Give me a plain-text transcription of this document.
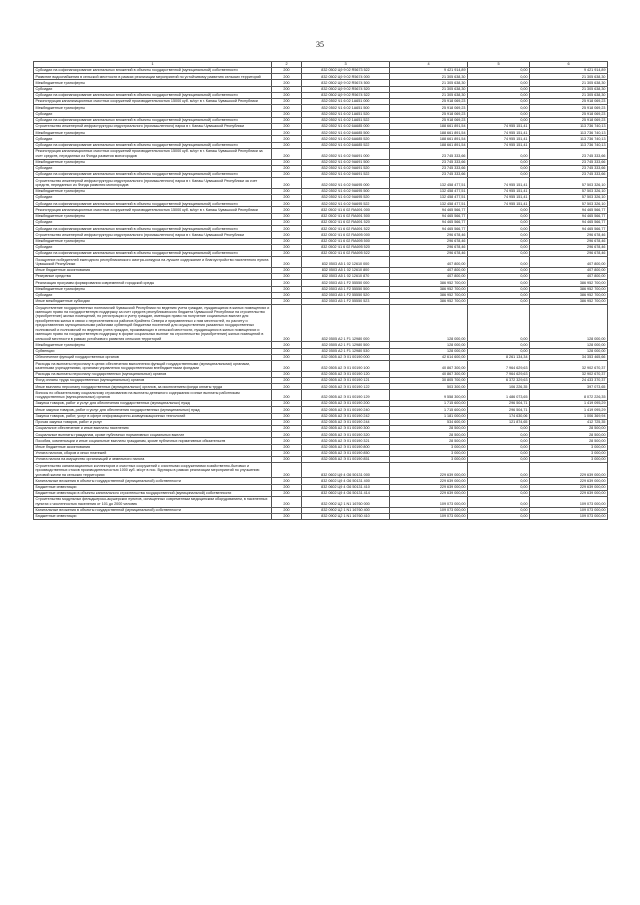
35
1	2	3	4	5	6
Субсидии на софинансирование капитальных вложений в объекты государственной (муниципальной) собственности	200	832 0502 Ц9 9 02 R5673 522	9 421 914,89	0,00	9 421 914,89
Развитие водоснабжения в сельской местности в рамках реализации мероприятий по устойчивому развитию сельских территорий	200	832 0502 Ц9 9 02 R5674 000	21 305 638,30	0,00	21 305 638,30
Межбюджетные трансферты	200	832 0502 Ц9 9 02 R5674 500	21 305 638,30	0,00	21 305 638,30
Субсидии	200	832 0502 Ц9 9 02 R5674 520	21 305 638,30	0,00	21 305 638,30
Субсидии на софинансирование капитальных вложений в объекты государственной (муниципальной) собственности	200	832 0502 Ц9 9 02 R5674 522	21 305 638,30	0,00	21 305 638,30
Реконструкция канализационных очистных сооружений производительностью 15000 куб. м/сут в г. Канаш Чувашской Республики	200	832 0502 Ч1 6 02 1А651 000	25 918 069,23	0,00	25 918 069,23
Межбюджетные трансферты	200	832 0502 Ч1 6 02 1А651 500	25 918 069,23	0,00	25 918 069,23
Субсидии	200	832 0502 Ч1 6 02 1А651 520	25 918 069,23	0,00	25 918 069,23
Субсидии на софинансирование капитальных вложений в объекты государственной (муниципальной) собственности	200	832 0502 Ч1 6 02 1А651 522	25 918 069,23	0,00	25 918 069,23
Строительство инженерной инфраструктуры индустриального (промышленного) парка в г. Канаш Чувашской Республики	200	832 0502 Ч1 6 02 6А685 000	188 661 891,54	74 955 151,41	113 736 740,13
Межбюджетные трансферты	200	832 0502 Ч1 6 02 6А685 500	188 661 891,54	74 955 151,41	113 736 740,13
Субсидии	200	832 0502 Ч1 6 02 6А685 520	188 661 891,54	74 955 151,41	113 736 740,13
Субсидии на софинансирование капитальных вложений в объекты государственной (муниципальной) собственности	200	832 0502 Ч1 6 02 6А685 522	188 661 891,54	74 955 151,41	113 736 740,13
Реконструкция канализационных очистных сооружений производительностью 15000 куб. м/сут в г. Канаш Чувашской Республики за счет средств, переданных из Фонда развития моногородов	200	832 0502 Ч1 6 02 9А691 000	23 745 333,66	0,00	23 745 333,66
Межбюджетные трансферты	200	832 0502 Ч1 6 02 9А691 500	23 745 333,66	0,00	23 745 333,66
Субсидии	200	832 0502 Ч1 6 02 9А691 520	23 745 333,66	0,00	23 745 333,66
Субсидии на софинансирование капитальных вложений в объекты государственной (муниципальной) собственности	200	832 0502 Ч1 6 02 9А691 522	23 745 333,66	0,00	23 745 333,66
Строительство инженерной инфраструктуры индустриального (промышленного) парка в г. Канаш Чувашской Республики за счет средств, переданных из Фонда развития моногородов	200	832 0502 Ч1 6 02 9А695 000	132 458 477,51	74 955 151,41	57 503 326,10
Межбюджетные трансферты	200	832 0502 Ч1 6 02 9А695 500	132 458 477,51	74 955 151,41	57 503 326,10
Субсидии	200	832 0502 Ч1 6 02 9А695 520	132 458 477,51	74 955 151,41	57 503 326,10
Субсидии на софинансирование капитальных вложений в объекты государственной (муниципальной) собственности	200	832 0502 Ч1 6 02 9А695 522	132 458 477,51	74 955 151,41	57 503 326,10
Реконструкция канализационных очистных сооружений производительностью 15000 куб. м/сут в г. Канаш Чувашской Республики	200	832 0502 Ч1 6 02 RА691 000	94 465 566,77	0,00	94 465 566,77
Межбюджетные трансферты	200	832 0502 Ч1 6 02 RА691 500	94 465 566,77	0,00	94 465 566,77
Субсидии	200	832 0502 Ч1 6 02 RА691 520	94 465 566,77	0,00	94 465 566,77
Субсидии на софинансирование капитальных вложений в объекты государственной (муниципальной) собственности	200	832 0502 Ч1 6 02 RА691 522	94 465 566,77	0,00	94 465 566,77
Строительство инженерной инфраструктуры индустриального (промышленного) парка в г. Канаш Чувашской Республики	200	832 0502 Ч1 6 02 RА695 000	296 678,46	0,00	296 678,46
Межбюджетные трансферты	200	832 0502 Ч1 6 02 RА695 500	296 678,46	0,00	296 678,46
Субсидии	200	832 0502 Ч1 6 02 RА695 520	296 678,46	0,00	296 678,46
Субсидии на софинансирование капитальных вложений в объекты государственной (муниципальной) собственности	200	832 0502 Ч1 6 02 RА695 522	296 678,46	0,00	296 678,46
Поощрение победителей ежегодного республиканского смотра-конкурса на лучшее содержание и благоустройство населенного пункта Чувашской Республики	200	832 0503 А5 1 02 12610 000	407 800,00	0,00	407 800,00
Иные бюджетные ассигнования	200	832 0503 А5 1 02 12610 800	407 800,00	0,00	407 800,00
Резервные средства	200	832 0503 А5 1 02 12610 870	407 800,00	0,00	407 800,00
Реализация программ формирования современной городской среды	200	832 0503 А5 1 F2 55550 000	386 952 700,00	0,00	386 952 700,00
Межбюджетные трансферты	200	832 0503 А5 1 F2 55550 500	386 952 700,00	0,00	386 952 700,00
Субсидии	200	832 0503 А5 1 F2 55550 520	386 952 700,00	0,00	386 952 700,00
Иные межбюджетные субсидии	200	832 0503 А5 1 F2 55550 523	386 952 700,00	0,00	386 952 700,00
Осуществление государственных полномочий Чувашской Республики по ведению учета граждан, нуждающихся в жилых помещениях и имеющих право на государственную поддержку за счет средств республиканского бюджета Чувашской Республики на строительство (приобретение) жилых помещений, по регистрации и учету граждан, имеющих право на получение социальных выплат для приобретения жилья в связи с переселением из районов Крайнего Севера и приравненных к ним местностей, по расчету и предоставлению муниципальными районами субвенций бюджетам поселений для осуществления указанных государственных полномочий и полномочий по ведению учета граждан, проживающих в сельской местности, нуждающихся в жилых помещениях и имеющих право на государственную поддержку в форме социальных выплат на строительство (приобретение) жилых помещений в сельской местности в рамках устойчивого развития сельских территорий	200	832 0505 А2 1 F1 12980 000	128 000,00	0,00	128 000,00
Межбюджетные трансферты	200	832 0505 А2 1 F1 12980 500	128 000,00	0,00	128 000,00
Субвенции	200	832 0505 А2 1 F1 12980 530	128 000,00	0,00	128 000,00
Обеспечение функций государственных органов	200	832 0505 А2 Э 01 00190 000	42 614 600,00	8 261 134,34	34 353 465,66
Расходы на выплаты персоналу в целях обеспечения выполнения функций государственными (муниципальными) органами, казенными учреждениями, органами управления государственными внебюджетными фондами	200	832 0505 А2 Э 01 00190 100	40 867 300,00	7 964 629,63	32 902 670,37
Расходы на выплаты персоналу государственных (муниципальных) органов	200	832 0505 А2 Э 01 00190 120	40 867 300,00	7 964 629,63	32 902 670,37
Фонд оплаты труда государственных (муниципальных) органов	200	832 0505 А2 Э 01 00190 121	30 805 700,00	6 372 329,63	24 433 370,37
Иные выплаты персоналу государственных (муниципальных) органов, за исключением фонда оплаты труда	200	832 0505 А2 Э 01 00190 122	503 300,00	106 226,35	397 073,65
Взносы по обязательному социальному страхованию на выплаты денежного содержания и иные выплаты работникам государственных (муниципальных) органов	200	832 0505 А2 Э 01 00190 129	9 558 300,00	1 486 073,65	8 072 226,35
Закупка товаров, работ и услуг для обеспечения государственных (муниципальных) нужд	200	832 0505 А2 Э 01 00190 200	1 715 600,00	296 504,71	1 419 095,29
Иные закупки товаров, работ и услуг для обеспечения государственных (муниципальных) нужд	200	832 0505 А2 Э 01 00190 240	1 715 600,00	296 504,71	1 419 095,29
Закупка товаров, работ, услуг в сфере информационно-коммуникационных технологий	200	832 0505 А2 Э 01 00190 242	1 181 000,00	174 630,06	1 006 369,94
Прочая закупка товаров, работ и услуг	200	832 0505 А2 Э 01 00190 244	534 600,00	121 874,65	412 725,35
Социальное обеспечение и иные выплаты населению	200	832 0505 А2 Э 01 00190 300	28 500,00	0,00	28 500,00
Социальные выплаты гражданам, кроме публичных нормативных социальных выплат	200	832 0505 А2 Э 01 00190 320	28 500,00	0,00	28 500,00
Пособия, компенсации и иные социальные выплаты гражданам, кроме публичных нормативных обязательств	200	832 0505 А2 Э 01 00190 321	28 500,00	0,00	28 500,00
Иные бюджетные ассигнования	200	832 0505 А2 Э 01 00190 800	3 000,00	0,00	3 000,00
Уплата налогов, сборов и иных платежей	200	832 0505 А2 Э 01 00190 850	3 000,00	0,00	3 000,00
Уплата налога на имущество организаций и земельного налога	200	832 0505 А2 Э 01 00190 851	3 000,00	0,00	3 000,00
Строительство канализационных коллекторов и очистных сооружений с очистными сооружениями хозяйственно-бытовых и производственных стоков производительностью 1000 куб. м/сут в пос. Вурнары в рамках реализации мероприятий по улучшению условий жизни на сельских территориях	200	832 0602 Ц9 4 G6 50131 000	229 639 000,00	0,00	229 639 000,00
Капитальные вложения в объекты государственной (муниципальной) собственности	200	832 0602 Ц9 4 G6 50131 400	229 639 000,00	0,00	229 639 000,00
Бюджетные инвестиции	200	832 0602 Ц9 4 G6 50131 410	229 639 000,00	0,00	229 639 000,00
Бюджетные инвестиции в объекты капитального строительства государственной (муниципальной) собственности	200	832 0602 Ц9 4 G6 50131 414	229 639 000,00	0,00	229 639 000,00
Строительство модульных фельдшерско-акушерских пунктов, оснащенных современным медицинским оборудованием, в населенных пунктах с численностью населения от 101 до 2000 человек	200	832 0902 Ц2 1 N1 16760 000	109 073 000,00	0,00	109 073 000,00
Капитальные вложения в объекты государственной (муниципальной) собственности	200	832 0902 Ц2 1 N1 16760 400	109 073 000,00	0,00	109 073 000,00
Бюджетные инвестиции	200	832 0902 Ц2 1 N1 16760 410	109 073 000,00	0,00	109 073 000,00
